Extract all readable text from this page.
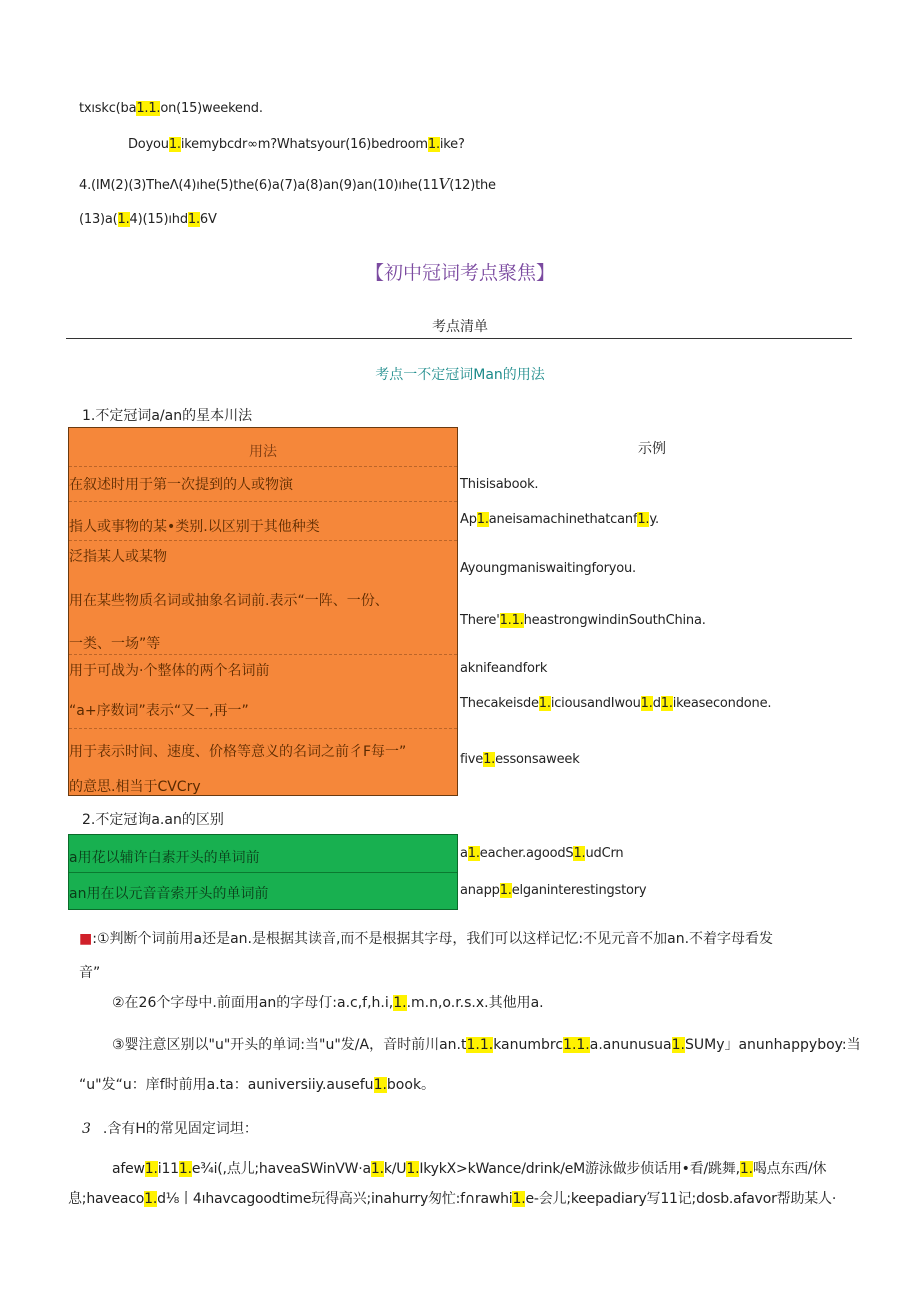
txıskc(ba1.1.on(15)weekend.
Doyou1.ikemybcdr∞m?Whatsyour(16)bedroom1.ike?
4.(IM(2)(3)TheΛ(4)ıhe(5)the(6)a(7)a(8)an(9)an(10)ıhe(11V(12)the
(13)a(1.4)(15)ıhd1.6V
【初中冠词考点聚焦】
考点清单
考点一不定冠词Man的用法
1.不定冠词a/an的星本川法
用法
在叙述时用于第一次提到的人或物演
指人或事物的某•类别.以区别于其他种类
泛指某人或某物
用在某些物质名词或抽象名词前.表示“一阵、一份、
一类、一场”等
用于可战为·个整体的两个名词前
“a+序数词”表示“又一,再一”
用于表示时间、速度、价格等意义的名词之前彳F每一”
的意思.相当于CVCry
示例
Thisisabook.
Ap1.aneisamachinethatcanf1.y.
Ayoungmaniswaitingforyou.
There'1.1.heastrongwindinSouthChina.
aknifeandfork
Thecakeisde1.iciousandIwou1.d1.ikeasecondone.
five1.essonsaweek
2.不定冠询a.an的区别
a用花以辅许白素开头的单词前
an用在以元音音索开头的单词前
a1.eacher.agoodS1.udCrn
anapp1.elganinterestingstory
■:①判断个词前用a还是an.是根据其读音,而不是根据其字母，我们可以这样记忆:不见元音不加an.不着字母看发
音”
②在26个字母中.前面用an的字母仃:a.c,f,h.i,1..m.n,o.r.s.x.其他用a.
③婴注意区别以"u"开头的单词:当"u"发/A，音时前川an.t1.1.kanumbrc1.1.a.anunusua1.SUMy」anunhappyboy:当
“u"发“u：庠f时前用a.ta：auniversiiy.ausefu1.book。
3 .含有H的常见固定词坦：
afew1.i111.e¾i(,点儿;haveaSWinVW·a1.k/U1.IkykX>kWance/drink/eM游泳做步侦话用•看/跳舞,1.喝点东西/休
息;haveaco1.d⅛丨4ıhavcagoodtime玩得高兴;inahurry匆忙:f∩rawhi1.e-会儿;keepadiary写11记;dosb.afavor帮助某人·
